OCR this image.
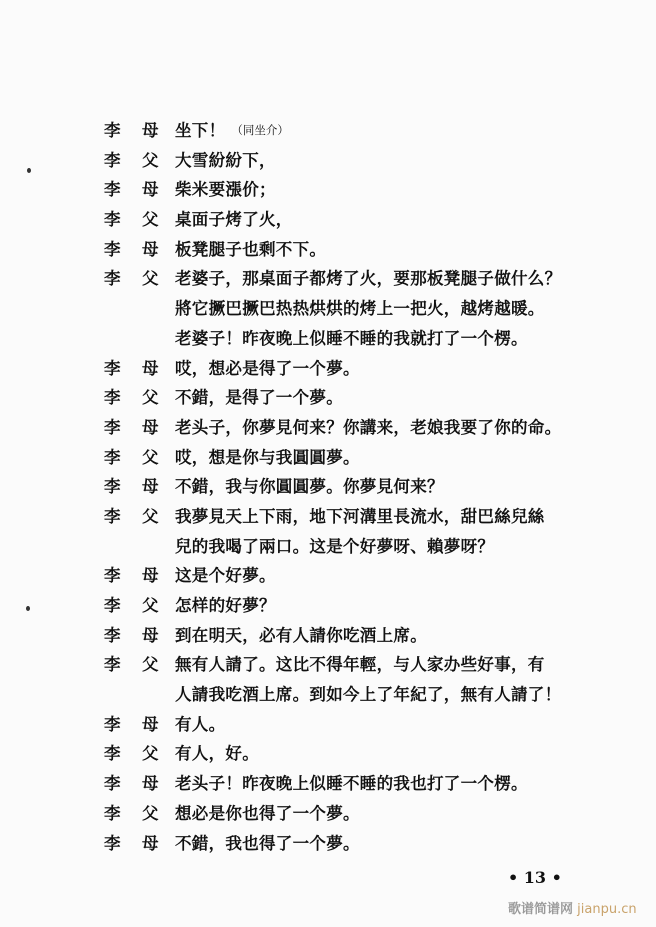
李	母	坐下！ （同坐介）
李	父	大雪紛紛下，
李	母	柴米要漲价；
李	父	桌面子烤了火，
李	母	板凳腿子也剩不下。
李	父	老婆子，那桌面子都烤了火，要那板凳腿子做什么？
將它撅巴撅巴热热烘烘的烤上一把火，越烤越暖。
老婆子！昨夜晚上似睡不睡的我就打了一个楞。
李	母	哎，想必是得了一个夢。
李	父	不錯，是得了一个夢。
李	母	老头子，你夢見何来？你講来，老娘我要了你的命。
李	父	哎，想是你与我圓圓夢。
李	母	不錯，我与你圓圓夢。你夢見何来？
李	父	我夢見天上下雨，地下河溝里長流水，甜巴絲兒絲
兒的我喝了兩口。这是个好夢呀、賴夢呀？
李	母	这是个好夢。
李	父	怎样的好夢？
李	母	到在明天，必有人請你吃酒上席。
李	父	無有人請了。这比不得年輕，与人家办些好事，有
人請我吃酒上席。到如今上了年紀了，無有人請了！
李	母	有人。
李	父	有人，好。
李	母	老头子！昨夜晚上似睡不睡的我也打了一个楞。
李	父	想必是你也得了一个夢。
李	母	不錯，我也得了一个夢。
• 13 •
歌谱简谱网 jianpu.cn
